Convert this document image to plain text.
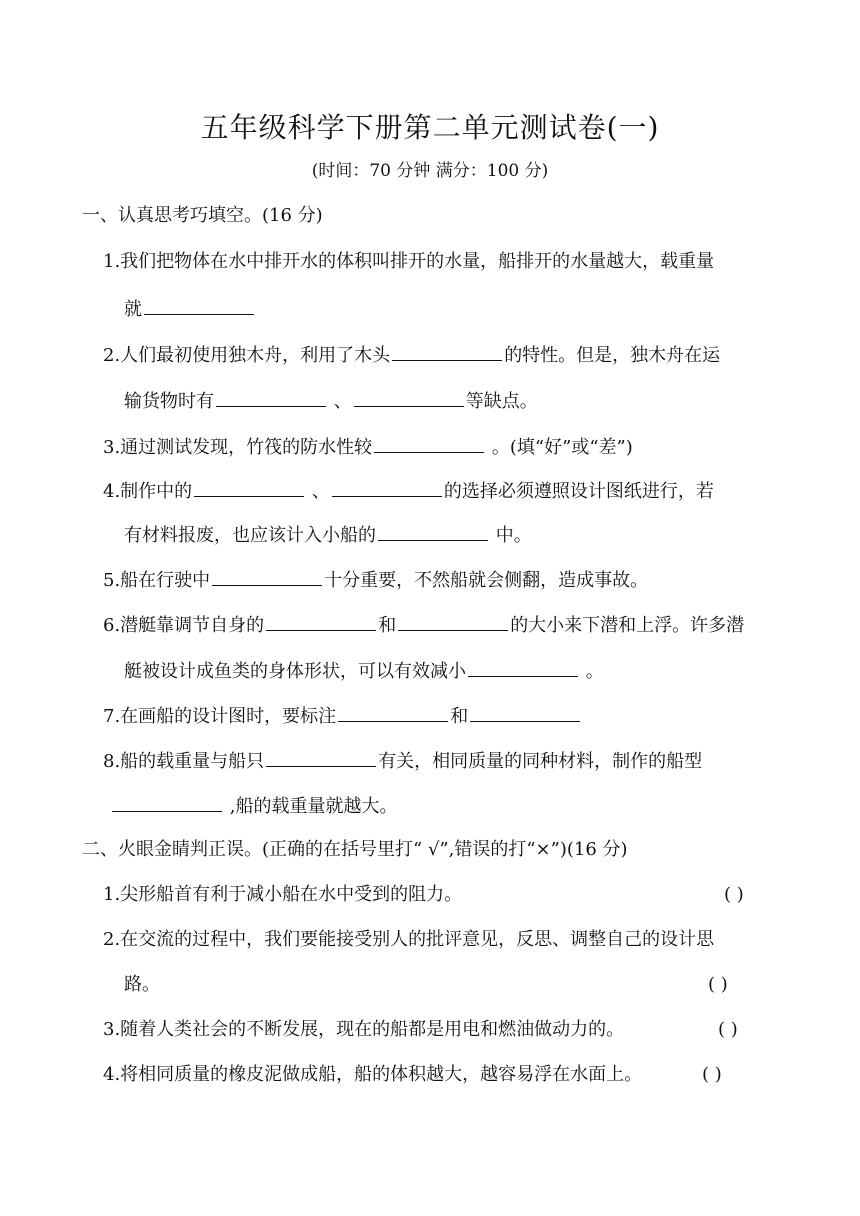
五年级科学下册第二单元测试卷(一)
(时间：70 分钟 满分：100 分)
一、认真思考巧填空。(16 分)
1.我们把物体在水中排开水的体积叫排开的水量，船排开的水量越大，载重量
就
2.人们最初使用独木舟，利用了木头	的特性。但是，独木舟在运
输货物时有	、	等缺点。
3.通过测试发现，竹筏的防水性较	。(填“好”或“差”)
4.制作中的	、	的选择必须遵照设计图纸进行，若
有材料报废，也应该计入小船的	中。
5.船在行驶中	十分重要，不然船就会侧翻，造成事故。
6.潜艇靠调节自身的	和	的大小来下潜和上浮。许多潜
艇被设计成鱼类的身体形状，可以有效减小	。
7.在画船的设计图时，要标注	和
8.船的载重量与船只	有关，相同质量的同种材料，制作的船型
,船的载重量就越大。
二、火眼金睛判正误。(正确的在括号里打“ √”,错误的打“×”)(16 分)
1.尖形船首有利于减小船在水中受到的阻力。	( )
2.在交流的过程中，我们要能接受别人的批评意见，反思、调整自己的设计思
路。	( )
3.随着人类社会的不断发展，现在的船都是用电和燃油做动力的。	( )
4.将相同质量的橡皮泥做成船，船的体积越大，越容易浮在水面上。	( )
